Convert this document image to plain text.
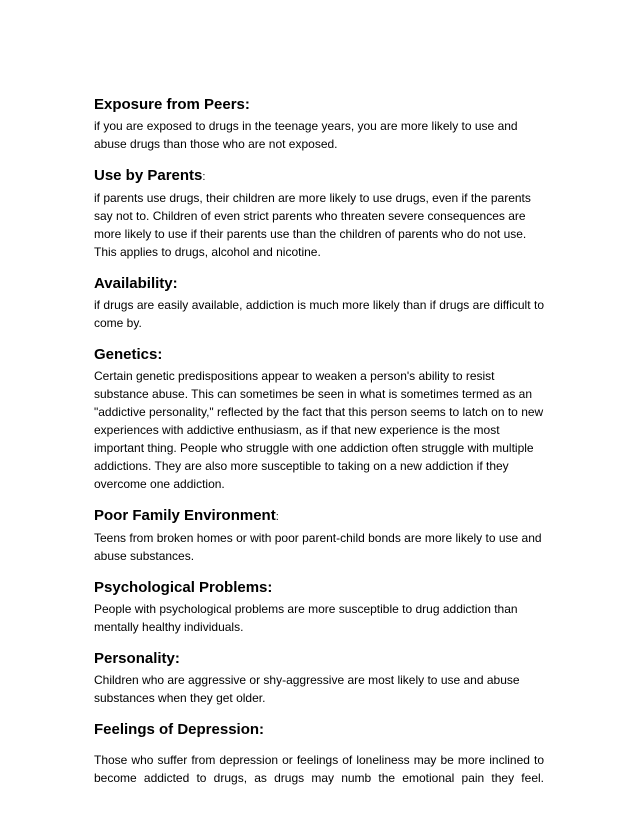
Exposure from Peers:

if you are exposed to drugs in the teenage years, you are more likely to use and abuse drugs than those who are not exposed.

Use by Parents:

if parents use drugs, their children are more likely to use drugs, even if the parents say not to. Children of even strict parents who threaten severe consequences are more likely to use if their parents use than the children of parents who do not use. This applies to drugs, alcohol and nicotine.

Availability:

if drugs are easily available, addiction is much more likely than if drugs are difficult to come by.

Genetics:

Certain genetic predispositions appear to weaken a person's ability to resist substance abuse. This can sometimes be seen in what is sometimes termed as an "addictive personality," reflected by the fact that this person seems to latch on to new experiences with addictive enthusiasm, as if that new experience is the most important thing. People who struggle with one addiction often struggle with multiple addictions. They are also more susceptible to taking on a new addiction if they overcome one addiction.

Poor Family Environment:

Teens from broken homes or with poor parent-child bonds are more likely to use and abuse substances.

Psychological Problems:

People with psychological problems are more susceptible to drug addiction than mentally healthy individuals.

Personality:

Children who are aggressive or shy-aggressive are most likely to use and abuse substances when they get older.

Feelings of Depression:

Those who suffer from depression or feelings of loneliness may be more inclined to become addicted to drugs, as drugs may numb the emotional pain they feel.
